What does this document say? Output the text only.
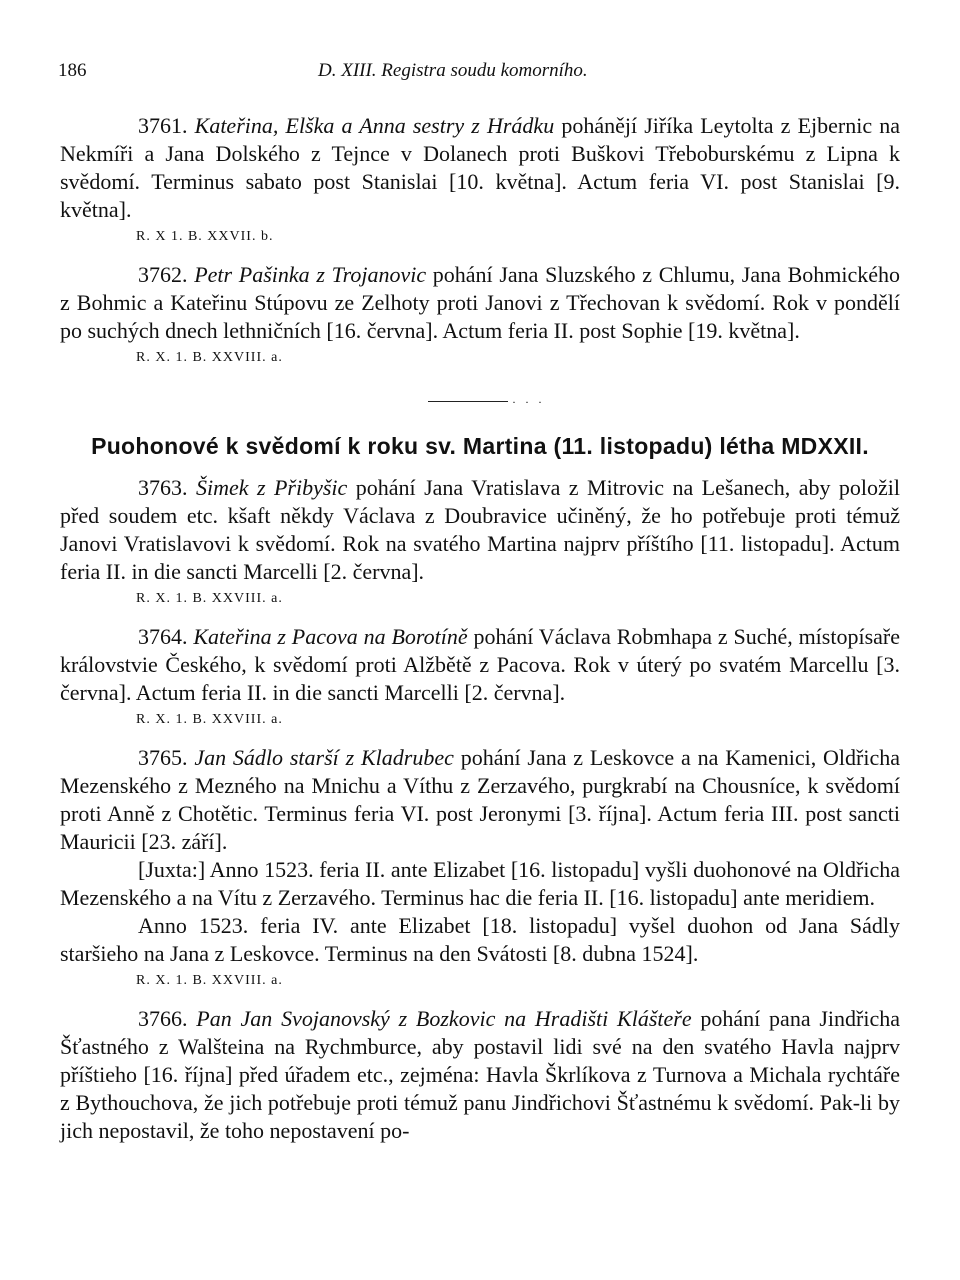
186	D. XIII. Registra soudu komorního.

3761. Kateřina, Elška a Anna sestry z Hrádku pohánějí Jiříka Leytolta z Ejbernic na Nekmíři a Jana Dolského z Tejnce v Dolanech proti Buškovi Třeboburskému z Lipna k svědomí. Terminus sabato post Stanislai [10. května]. Actum feria VI. post Stanislai [9. května].

R. X 1. B. XXVII. b.

3762. Petr Pašinka z Trojanovic pohání Jana Sluzského z Chlumu, Jana Bohmického z Bohmic a Kateřinu Stúpovu ze Zelhoty proti Janovi z Třechovan k svědomí. Rok v pondělí po suchých dnech lethničních [16. června]. Actum feria II. post Sophie [19. května].

R. X. 1. B. XXVIII. a.
· · ·
Puohonové k svědomí k roku sv. Martina (11. listopadu) létha MDXXII.

3763. Šimek z Přibyšic pohání Jana Vratislava z Mitrovic na Lešanech, aby položil před soudem etc. kšaft někdy Václava z Doubravice učiněný, že ho potřebuje proti témuž Janovi Vratislavovi k svědomí. Rok na svatého Martina najprv příštího [11. listopadu]. Actum feria II. in die sancti Marcelli [2. června].

R. X. 1. B. XXVIII. a.

3764. Kateřina z Pacova na Borotíně pohání Václava Robmhapa z Suché, místopísaře královstvie Českého, k svědomí proti Alžbětě z Pacova. Rok v úterý po svatém Marcellu [3. června]. Actum feria II. in die sancti Marcelli [2. června].

R. X. 1. B. XXVIII. a.

3765. Jan Sádlo starší z Kladrubec pohání Jana z Leskovce a na Kamenici, Oldřicha Mezenského z Mezného na Mnichu a Víthu z Zerzavého, purgkrabí na Chousníce, k svědomí proti Anně z Chotětic. Terminus feria VI. post Jeronymi [3. října]. Actum feria III. post sancti Mauricii [23. září].

[Juxta:] Anno 1523. feria II. ante Elizabet [16. listopadu] vyšli duohonové na Oldřicha Mezenského a na Vítu z Zerzavého. Terminus hac die feria II. [16. listopadu] ante meridiem.

Anno 1523. feria IV. ante Elizabet [18. listopadu] vyšel duohon od Jana Sádly staršieho na Jana z Leskovce. Terminus na den Svátosti [8. dubna 1524].

R. X. 1. B. XXVIII. a.

3766. Pan Jan Svojanovský z Bozkovic na Hradišti Klášteře pohání pana Jindřicha Šťastného z Walšteina na Rychmburce, aby postavil lidi své na den svatého Havla najprv příštieho [16. října] před úřadem etc., zejména: Havla Škrlíkova z Turnova a Michala rychtáře z Bythouchova, že jich potřebuje proti témuž panu Jindřichovi Šťastnému k svědomí. Pak-li by jich nepostavil, že toho nepostavení po-
